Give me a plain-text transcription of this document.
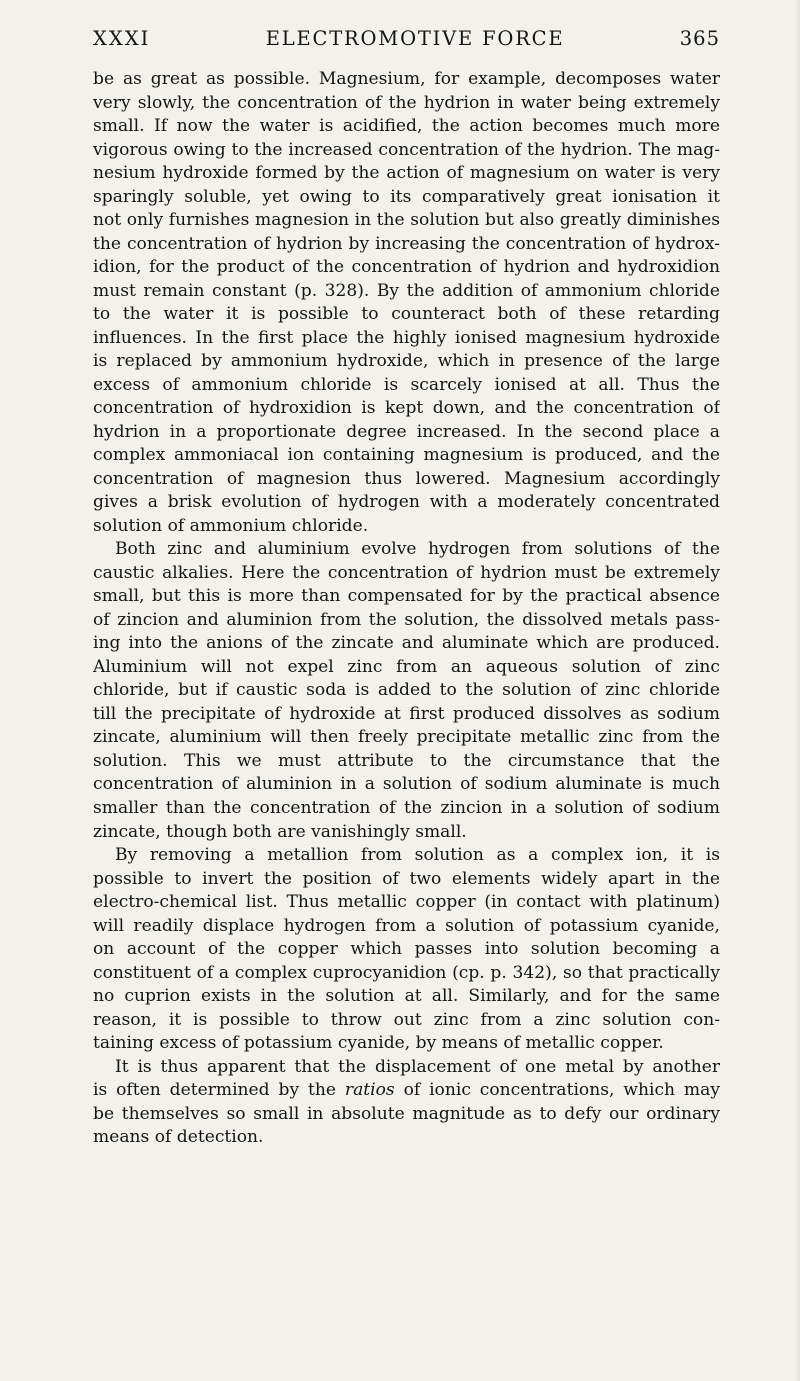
XXXI	ELECTROMOTIVE FORCE	365

be as great as possible. Magnesium, for example, decomposes water
very slowly, the concentration of the hydrion in water being extremely
small. If now the water is acidified, the action becomes much more
vigorous owing to the increased concentration of the hydrion. The mag-
nesium hydroxide formed by the action of magnesium on water is very
sparingly soluble, yet owing to its comparatively great ionisation it
not only furnishes magnesion in the solution but also greatly diminishes
the concentration of hydrion by increasing the concentration of hydrox-
idion, for the product of the concentration of hydrion and hydroxidion
must remain constant (p. 328). By the addition of ammonium chloride
to the water it is possible to counteract both of these retarding
influences. In the first place the highly ionised magnesium hydroxide
is replaced by ammonium hydroxide, which in presence of the large
excess of ammonium chloride is scarcely ionised at all. Thus the
concentration of hydroxidion is kept down, and the concentration of
hydrion in a proportionate degree increased. In the second place a
complex ammoniacal ion containing magnesium is produced, and the
concentration of magnesion thus lowered. Magnesium accordingly
gives a brisk evolution of hydrogen with a moderately concentrated
solution of ammonium chloride.

Both zinc and aluminium evolve hydrogen from solutions of the
caustic alkalies. Here the concentration of hydrion must be extremely
small, but this is more than compensated for by the practical absence
of zincion and aluminion from the solution, the dissolved metals pass-
ing into the anions of the zincate and aluminate which are produced.
Aluminium will not expel zinc from an aqueous solution of zinc
chloride, but if caustic soda is added to the solution of zinc chloride
till the precipitate of hydroxide at first produced dissolves as sodium
zincate, aluminium will then freely precipitate metallic zinc from the
solution. This we must attribute to the circumstance that the
concentration of aluminion in a solution of sodium aluminate is much
smaller than the concentration of the zincion in a solution of sodium
zincate, though both are vanishingly small.

By removing a metallion from solution as a complex ion, it is
possible to invert the position of two elements widely apart in the
electro-chemical list. Thus metallic copper (in contact with platinum)
will readily displace hydrogen from a solution of potassium cyanide,
on account of the copper which passes into solution becoming a
constituent of a complex cuprocyanidion (cp. p. 342), so that practically
no cuprion exists in the solution at all. Similarly, and for the same
reason, it is possible to throw out zinc from a zinc solution con-
taining excess of potassium cyanide, by means of metallic copper.

It is thus apparent that the displacement of one metal by another
is often determined by the ratios of ionic concentrations, which may
be themselves so small in absolute magnitude as to defy our ordinary
means of detection.
